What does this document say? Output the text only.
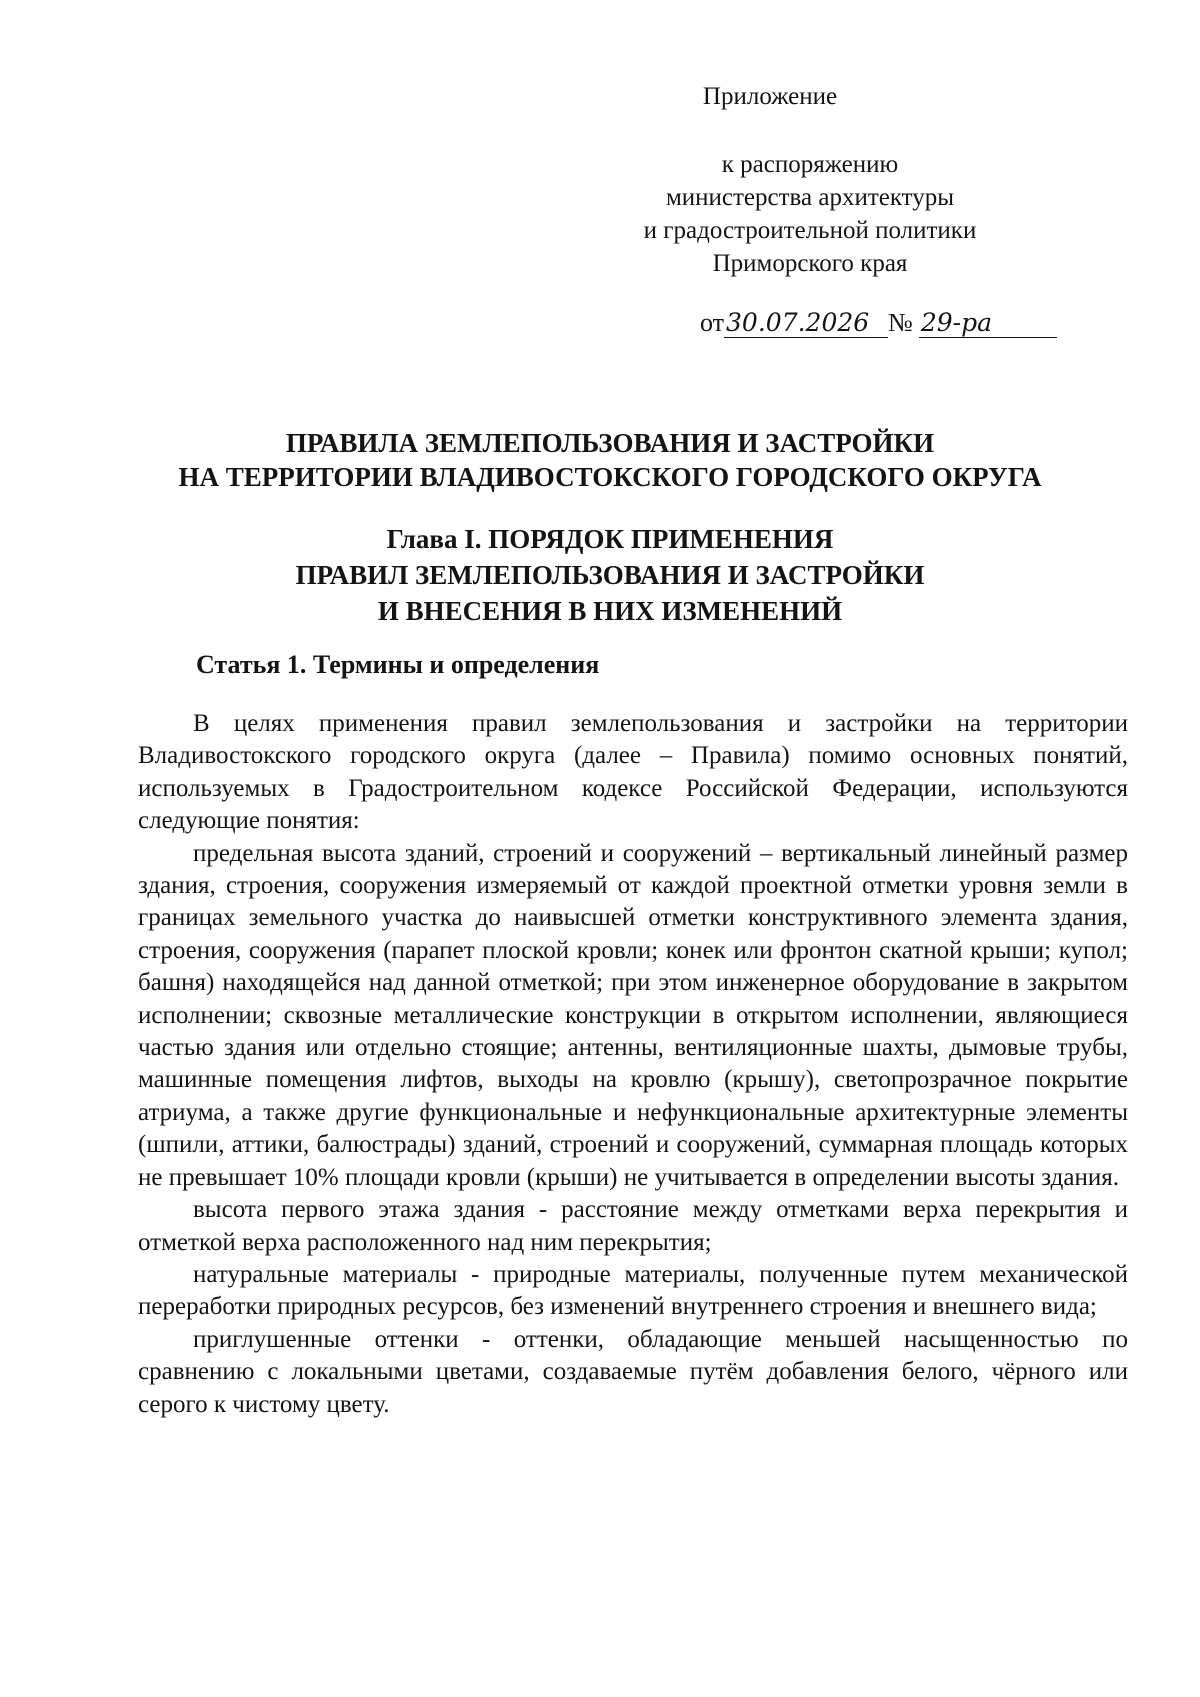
Приложение
к распоряжению
министерства архитектуры
и градостроительной политики
Приморского края
от30.07.2026 № 29-ра
ПРАВИЛА ЗЕМЛЕПОЛЬЗОВАНИЯ И ЗАСТРОЙКИ
НА ТЕРРИТОРИИ ВЛАДИВОСТОКСКОГО ГОРОДСКОГО ОКРУГА
Глава I. ПОРЯДОК ПРИМЕНЕНИЯ
ПРАВИЛ ЗЕМЛЕПОЛЬЗОВАНИЯ И ЗАСТРОЙКИ
И ВНЕСЕНИЯ В НИХ ИЗМЕНЕНИЙ
Статья 1. Термины и определения

В целях применения правил землепользования и застройки на территории Владивостокского городского округа (далее – Правила) помимо основных понятий, используемых в Градостроительном кодексе Российской Федерации, используются следующие понятия:

предельная высота зданий, строений и сооружений – вертикальный линейный размер здания, строения, сооружения измеряемый от каждой проектной отметки уровня земли в границах земельного участка до наивысшей отметки конструктивного элемента здания, строения, сооружения (парапет плоской кровли; конек или фронтон скатной крыши; купол; башня) находящейся над данной отметкой; при этом инженерное оборудование в закрытом исполнении; сквозные металлические конструкции в открытом исполнении, являющиеся частью здания или отдельно стоящие; антенны, вентиляционные шахты, дымовые трубы, машинные помещения лифтов, выходы на кровлю (крышу), светопрозрачное покрытие атриума, а также другие функциональные и нефункциональные архитектурные элементы (шпили, аттики, балюстрады) зданий, строений и сооружений, суммарная площадь которых не превышает 10% площади кровли (крыши) не учитывается в определении высоты здания.

высота первого этажа здания - расстояние между отметками верха перекрытия и отметкой верха расположенного над ним перекрытия;

натуральные материалы - природные материалы, полученные путем механической переработки природных ресурсов, без изменений внутреннего строения и внешнего вида;

приглушенные оттенки - оттенки, обладающие меньшей насыщенностью по сравнению с локальными цветами, создаваемые путём добавления белого, чёрного или серого к чистому цвету.
